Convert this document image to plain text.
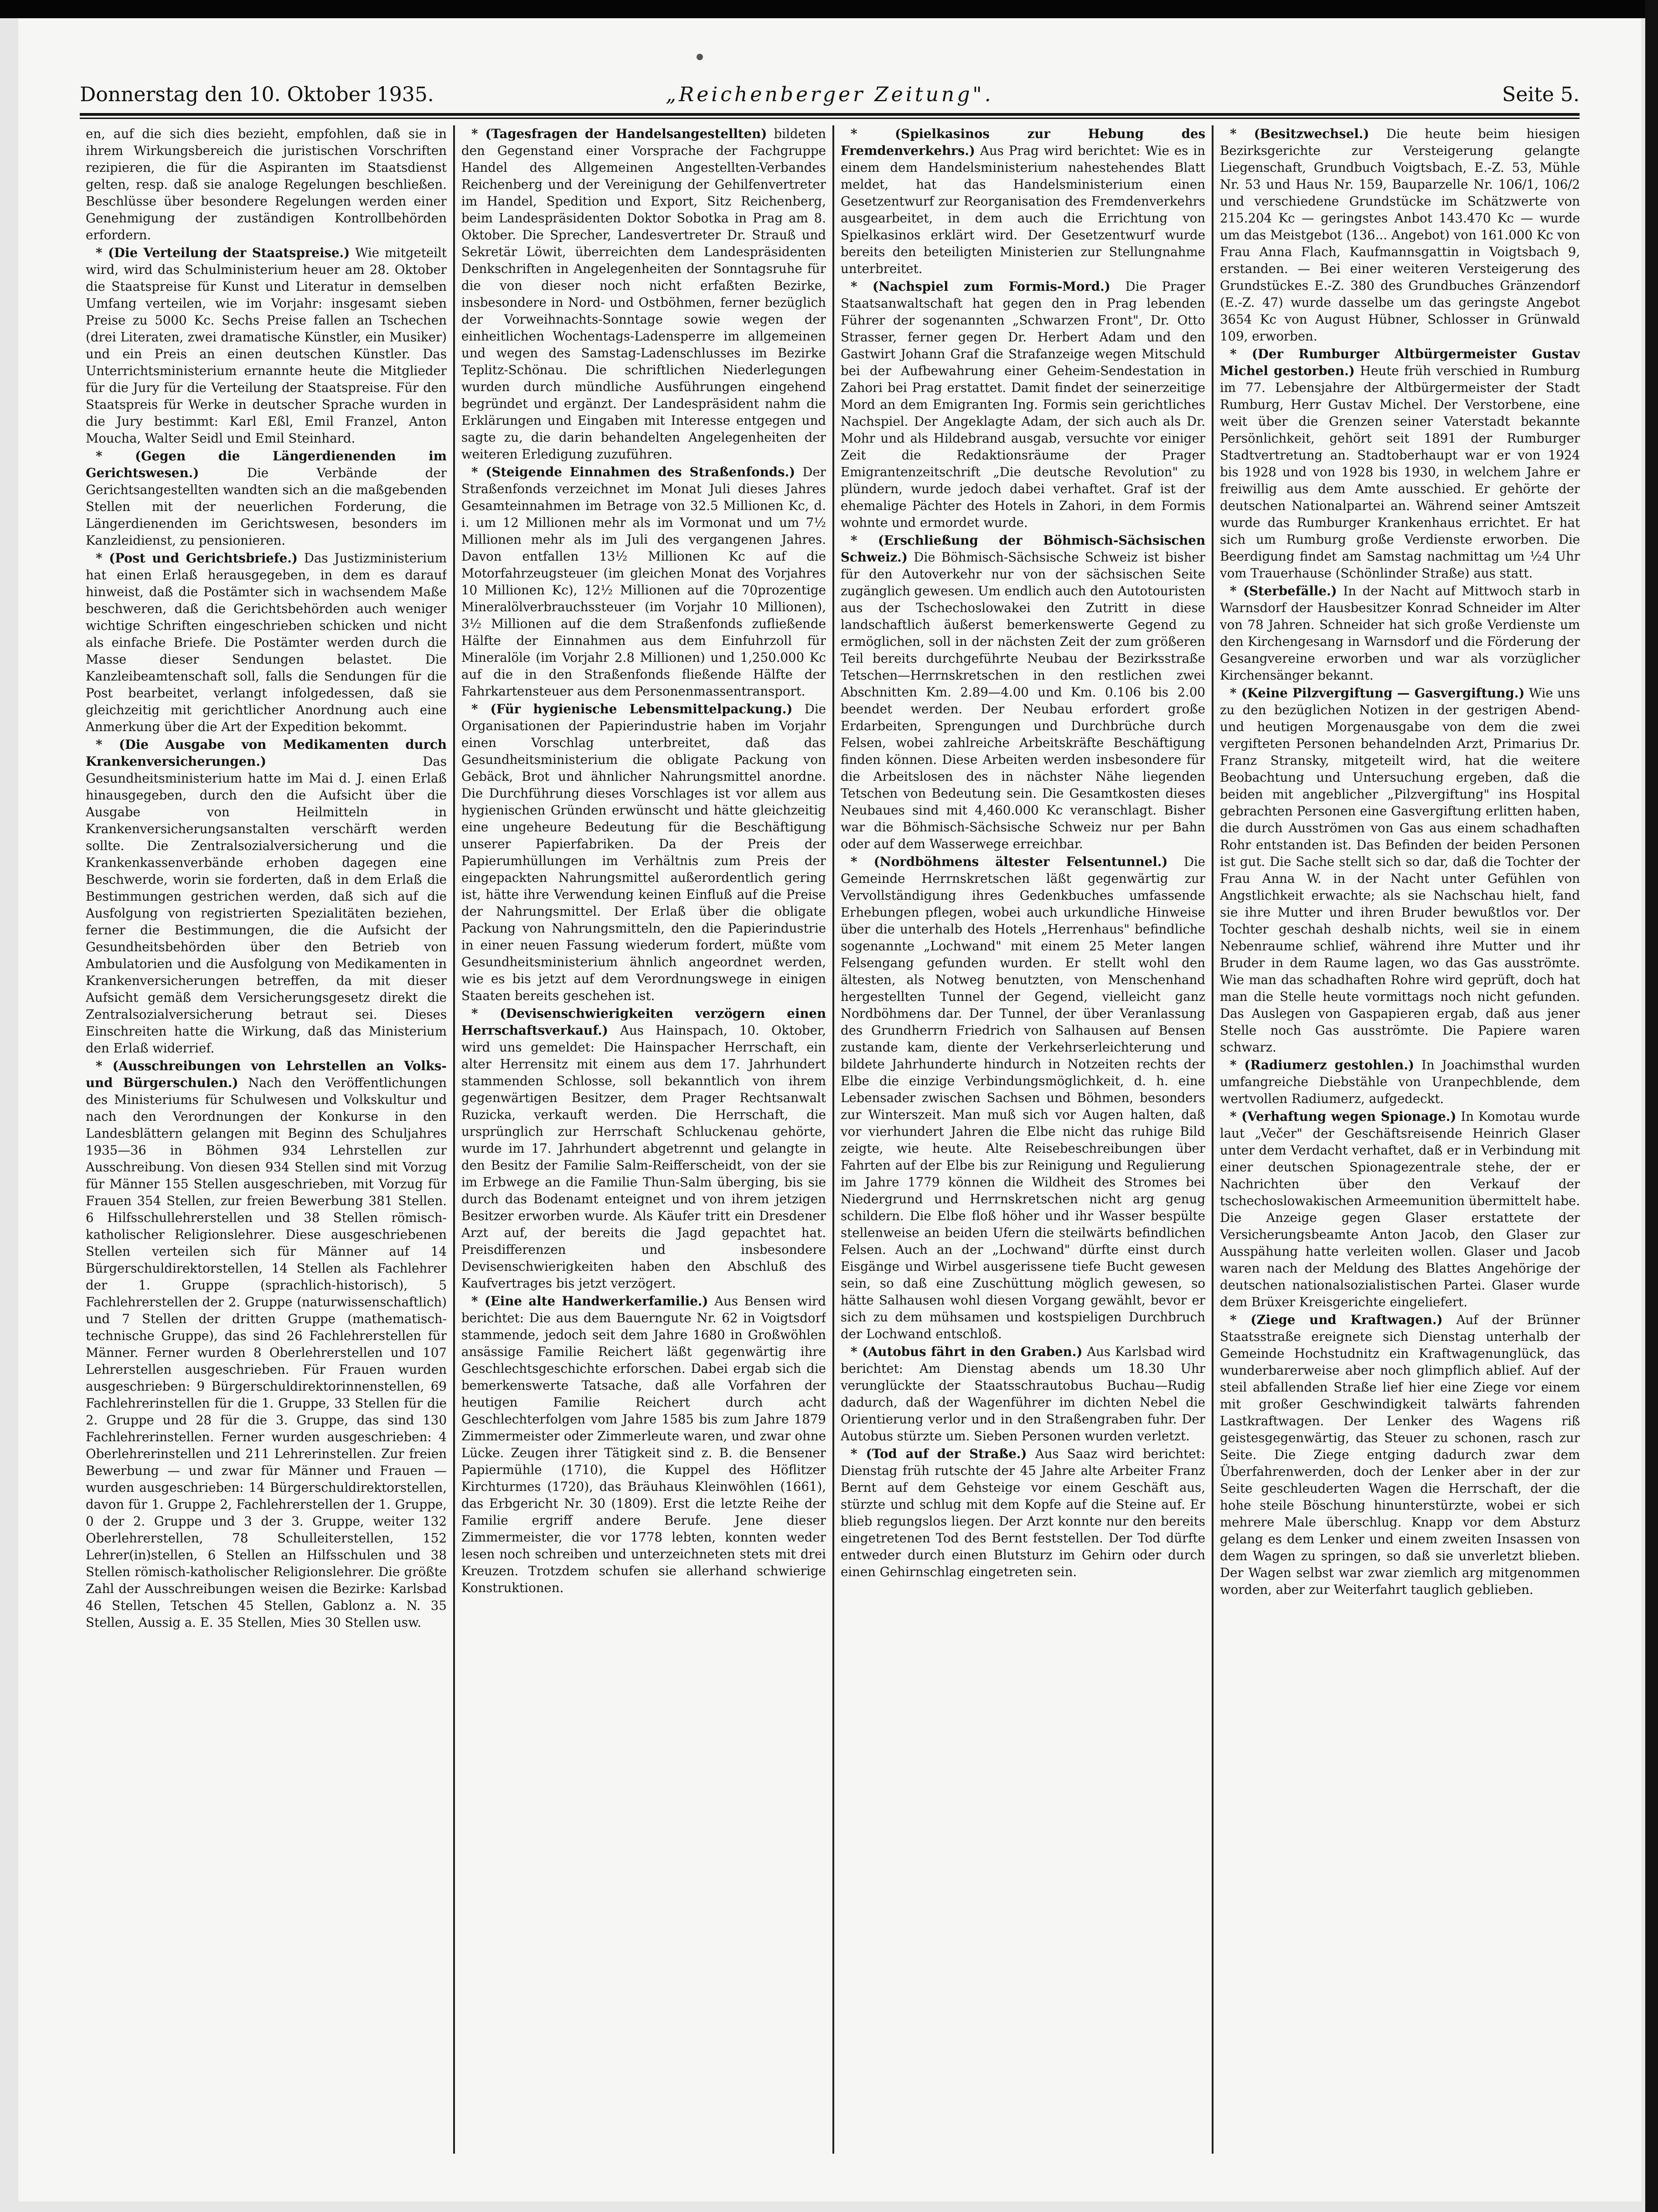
Donnerstag den 10. Oktober 1935.	„Reichenberger Zeitung".	Seite 5.

en, auf die sich dies bezieht, empfohlen, daß sie in ihrem Wirkungsbereich die juristischen Vorschriften rezipieren, die für die Aspiranten im Staatsdienst gelten, resp. daß sie analoge Regelungen beschließen. Beschlüsse über besondere Regelungen werden einer Genehmigung der zuständigen Kontrollbehörden erfordern.

* ( Die Verteilung der Staatspreise. ) Wie mitgeteilt wird, wird das Schulministerium heuer am 28. Oktober die Staatspreise für Kunst und Literatur in demselben Umfang verteilen, wie im Vorjahr: insgesamt sieben Preise zu 5000 Kc. Sechs Preise fallen an Tschechen (drei Literaten, zwei dramatische Künstler, ein Musiker) und ein Preis an einen deutschen Künstler. Das Unterrichtsministerium ernannte heute die Mitglieder für die Jury für die Verteilung der Staatspreise. Für den Staatspreis für Werke in deutscher Sprache wurden in die Jury bestimmt: Karl Eßl, Emil Franzel, Anton Moucha, Walter Seidl und Emil Steinhard.

* ( Gegen die Längerdienenden im Gerichtswesen. )	Die Verbände der Gerichtsangestellten wandten sich an die maßgebenden Stellen mit der neuerlichen Forderung, die Längerdienenden im Gerichtswesen, besonders im Kanzleidienst, zu pensionieren.

* ( Post und Gerichtsbriefe. ) Das Justizministerium hat einen Erlaß herausgegeben, in dem es darauf hinweist, daß die Postämter sich in wachsendem Maße beschweren, daß die Gerichtsbehörden auch weniger wichtige Schriften eingeschrieben schicken und nicht als einfache Briefe. Die Postämter werden durch die Masse dieser Sendungen belastet. Die Kanzleibeamtenschaft soll, falls die Sendungen für die Post bearbeitet, verlangt infolgedessen, daß sie gleichzeitig mit gerichtlicher Anordnung auch eine Anmerkung über die Art der Expedition bekommt.

* ( Die Ausgabe von Medikamenten durch Krankenversicherungen. )	Das Gesundheitsministerium hatte im Mai d. J. einen Erlaß hinausgegeben, durch den die Aufsicht über die Ausgabe von Heilmitteln in Krankenversicherungsanstalten verschärft werden sollte. Die Zentralsozialversicherung und die Krankenkassenverbände erhoben dagegen eine Beschwerde, worin sie forderten, daß in dem Erlaß die Bestimmungen gestrichen werden, daß sich auf die Ausfolgung von registrierten Spezialitäten beziehen, ferner die Bestimmungen, die die Aufsicht der Gesundheitsbehörden über den Betrieb von Ambulatorien und die Ausfolgung von Medikamenten in Krankenversicherungen betreffen, da mit dieser Aufsicht gemäß dem Versicherungsgesetz direkt die Zentralsozialversicherung betraut sei. Dieses Einschreiten hatte die Wirkung, daß das Ministerium den Erlaß widerrief.

* ( Ausschreibungen von Lehrstellen an Volks- und Bürgerschulen. ) Nach den Veröffentlichungen des Ministeriums für Schulwesen und Volkskultur und nach den Verordnungen der Konkurse in den Landesblättern gelangen mit Beginn des Schuljahres 1935—36 in Böhmen 934 Lehrstellen zur Ausschreibung. Von diesen 934 Stellen sind mit Vorzug für Männer 155 Stellen ausgeschrieben, mit Vorzug für Frauen 354 Stellen, zur freien Bewerbung 381 Stellen. 6 Hilfsschullehrerstellen und 38 Stellen römisch-katholischer Religionslehrer. Diese ausgeschriebenen Stellen verteilen sich für Männer auf 14 Bürgerschuldirektorstellen, 14 Stellen als Fachlehrer der 1. Gruppe (sprachlich-historisch), 5 Fachlehrerstellen der 2. Gruppe (naturwissenschaftlich) und 7 Stellen der dritten Gruppe (mathematisch-technische Gruppe), das sind 26 Fachlehrerstellen für Männer. Ferner wurden 8 Oberlehrerstellen und 107 Lehrerstellen ausgeschrieben. Für Frauen wurden ausgeschrieben: 9 Bürgerschuldirektorinnenstellen, 69 Fachlehrerinstellen für die 1. Gruppe, 33 Stellen für die 2. Gruppe und 28 für die 3. Gruppe, das sind 130 Fachlehrerinstellen. Ferner wurden ausgeschrieben: 4 Oberlehrerinstellen und 211 Lehrerinstellen. Zur freien Bewerbung — und zwar für Männer und Frauen — wurden ausgeschrieben: 14 Bürgerschuldirektorstellen, davon für 1. Gruppe 2, Fachlehrerstellen der 1. Gruppe, 0 der 2. Gruppe und 3 der 3. Gruppe, weiter 132 Oberlehrerstellen, 78 Schulleiterstellen, 152 Lehrer(in)stellen, 6 Stellen an Hilfsschulen und 38 Stellen römisch-katholischer Religionslehrer. Die größte Zahl der Ausschreibungen weisen die Bezirke: Karlsbad 46 Stellen, Tetschen 45 Stellen, Gablonz a. N. 35 Stellen, Aussig a. E. 35 Stellen, Mies 30 Stellen usw.

* ( Tagesfragen der Handelsangestellten ) bildeten den Gegenstand einer Vorsprache der Fachgruppe Handel des Allgemeinen Angestellten-Verbandes Reichenberg und der Vereinigung der Gehilfenvertreter im Handel, Spedition und Export, Sitz Reichenberg, beim Landespräsidenten Doktor Sobotka in Prag am 8. Oktober. Die Sprecher, Landesvertreter Dr. Strauß und Sekretär Löwit, überreichten dem Landespräsidenten Denkschriften in Angelegenheiten der Sonntagsruhe für die von dieser noch nicht erfaßten Bezirke, insbesondere in Nord- und Ostböhmen, ferner bezüglich der Vorweihnachts-Sonntage sowie wegen der einheitlichen Wochentags-Ladensperre im allgemeinen und wegen des Samstag-Ladenschlusses im Bezirke Teplitz-Schönau. Die schriftlichen Niederlegungen wurden durch mündliche Ausführungen eingehend begründet und ergänzt. Der Landespräsident nahm die Erklärungen und Eingaben mit Interesse entgegen und sagte zu, die darin behandelten Angelegenheiten der weiteren Erledigung zuzuführen.

* ( Steigende Einnahmen des Straßenfonds. ) Der Straßenfonds verzeichnet im Monat Juli dieses Jahres Gesamteinnahmen im Betrage von 32.5 Millionen Kc, d. i. um 12 Millionen mehr als im Vormonat und um 7½ Millionen mehr als im Juli des vergangenen Jahres. Davon entfallen 13½ Millionen Kc auf die Motorfahrzeugsteuer (im gleichen Monat des Vorjahres 10 Millionen Kc), 12½ Millionen auf die 70prozentige Mineralölverbrauchssteuer (im Vorjahr 10 Millionen), 3½ Millionen auf die dem Straßenfonds zufließende Hälfte der Einnahmen aus dem Einfuhrzoll für Mineralöle (im Vorjahr 2.8 Millionen) und 1,250.000 Kc auf die in den Straßenfonds fließende Hälfte der Fahrkartensteuer aus dem Personenmassentransport.

* ( Für hygienische Lebensmittelpackung. ) Die Organisationen der Papierindustrie haben im Vorjahr einen Vorschlag unterbreitet, daß das Gesundheitsministerium die obligate Packung von Gebäck, Brot und ähnlicher Nahrungsmittel anordne. Die Durchführung dieses Vorschlages ist vor allem aus hygienischen Gründen erwünscht und hätte gleichzeitig eine ungeheure Bedeutung für die Beschäftigung unserer Papierfabriken. Da der Preis der Papierumhüllungen im Verhältnis zum Preis der eingepackten Nahrungsmittel außerordentlich gering ist, hätte ihre Verwendung keinen Einfluß auf die Preise der Nahrungsmittel. Der Erlaß über die obligate Packung von Nahrungsmitteln, den die Papierindustrie in einer neuen Fassung wiederum fordert, müßte vom Gesundheitsministerium ähnlich angeordnet werden, wie es bis jetzt auf dem Verordnungswege in einigen Staaten bereits geschehen ist.

* ( Devisenschwierigkeiten verzögern einen Herrschaftsverkauf. ) Aus Hainspach, 10. Oktober, wird uns gemeldet: Die Hainspacher Herrschaft, ein alter Herrensitz mit einem aus dem 17. Jahrhundert stammenden Schlosse, soll bekanntlich von ihrem gegenwärtigen Besitzer, dem Prager Rechtsanwalt Ruzicka, verkauft werden. Die Herrschaft, die ursprünglich zur Herrschaft Schluckenau gehörte, wurde im 17. Jahrhundert abgetrennt und gelangte in den Besitz der Familie Salm-Reifferscheidt, von der sie im Erbwege an die Familie Thun-Salm überging, bis sie durch das Bodenamt enteignet und von ihrem jetzigen Besitzer erworben wurde. Als Käufer tritt ein Dresdener Arzt auf, der bereits die Jagd gepachtet hat. Preisdifferenzen und insbesondere Devisenschwierigkeiten haben den Abschluß des Kaufvertrages bis jetzt verzögert.

* ( Eine alte Handwerkerfamilie. ) Aus Bensen wird berichtet: Die aus dem Bauerngute Nr. 62 in Voigtsdorf stammende, jedoch seit dem Jahre 1680 in Großwöhlen ansässige Familie Reichert läßt gegenwärtig ihre Geschlechtsgeschichte erforschen. Dabei ergab sich die bemerkenswerte Tatsache, daß alle Vorfahren der heutigen Familie Reichert durch acht Geschlechterfolgen vom Jahre 1585 bis zum Jahre 1879 Zimmermeister oder Zimmerleute waren, und zwar ohne Lücke. Zeugen ihrer Tätigkeit sind z. B. die Bensener Papiermühle (1710), die Kuppel des Höflitzer Kirchturmes (1720), das Bräuhaus Kleinwöhlen (1661), das Erbgericht Nr. 30 (1809). Erst die letzte Reihe der Familie ergriff andere Berufe. Jene dieser Zimmermeister, die vor 1778 lebten, konnten weder lesen noch schreiben und unterzeichneten stets mit drei Kreuzen. Trotzdem schufen sie allerhand schwierige Konstruktionen.

* ( Spielkasinos zur Hebung des Fremdenverkehrs. ) Aus Prag wird berichtet: Wie es in einem dem Handelsministerium nahestehendes Blatt meldet, hat das Handelsministerium einen Gesetzentwurf zur Reorganisation des Fremdenverkehrs ausgearbeitet, in dem auch die Errichtung von Spielkasinos erklärt wird. Der Gesetzentwurf wurde bereits den beteiligten Ministerien zur Stellungnahme unterbreitet.

* ( Nachspiel zum Formis-Mord. ) Die Prager Staatsanwaltschaft hat gegen den in Prag lebenden Führer der sogenannten „Schwarzen Front", Dr. Otto Strasser, ferner gegen Dr. Herbert Adam und den Gastwirt Johann Graf die Strafanzeige wegen Mitschuld bei der Aufbewahrung einer Geheim-Sendestation in Zahori bei Prag erstattet. Damit findet der seinerzeitige Mord an dem Emigranten Ing. Formis sein gerichtliches Nachspiel. Der Angeklagte Adam, der sich auch als Dr. Mohr und als Hildebrand ausgab, versuchte vor einiger Zeit die Redaktionsräume der Prager Emigrantenzeitschrift „Die deutsche Revolution" zu plündern, wurde jedoch dabei verhaftet. Graf ist der ehemalige Pächter des Hotels in Zahori, in dem Formis wohnte und ermordet wurde.

* ( Erschließung der Böhmisch-Sächsischen Schweiz. ) Die Böhmisch-Sächsische Schweiz ist bisher für den Autoverkehr nur von der sächsischen Seite zugänglich gewesen. Um endlich auch den Autotouristen aus der Tschechoslowakei den Zutritt in diese landschaftlich äußerst bemerkenswerte Gegend zu ermöglichen, soll in der nächsten Zeit der zum größeren Teil bereits durchgeführte Neubau der Bezirksstraße Tetschen—Herrnskretschen in den restlichen zwei Abschnitten Km. 2.89—4.00 und Km. 0.106 bis 2.00 beendet werden. Der Neubau erfordert große Erdarbeiten, Sprengungen und Durchbrüche durch Felsen, wobei zahlreiche Arbeitskräfte Beschäftigung finden können. Diese Arbeiten werden insbesondere für die Arbeitslosen des in nächster Nähe liegenden Tetschen von Bedeutung sein. Die Gesamtkosten dieses Neubaues sind mit 4,460.000 Kc veranschlagt. Bisher war die Böhmisch-Sächsische Schweiz nur per Bahn oder auf dem Wasserwege erreichbar.

* ( Nordböhmens ältester Felsentunnel. ) Die Gemeinde Herrnskretschen läßt gegenwärtig zur Vervollständigung ihres Gedenkbuches umfassende Erhebungen pflegen, wobei auch urkundliche Hinweise über die unterhalb des Hotels „Herrenhaus" befindliche sogenannte „Lochwand" mit einem 25 Meter langen Felsengang gefunden wurden. Er stellt wohl den ältesten, als Notweg benutzten, von Menschenhand hergestellten Tunnel der Gegend, vielleicht ganz Nordböhmens dar. Der Tunnel, der über Veranlassung des Grundherrn Friedrich von Salhausen auf Bensen zustande kam, diente der Verkehrserleichterung und bildete Jahrhunderte hindurch in Notzeiten rechts der Elbe die einzige Verbindungsmöglichkeit, d. h. eine Lebensader zwischen Sachsen und Böhmen, besonders zur Winterszeit. Man muß sich vor Augen halten, daß vor vierhundert Jahren die Elbe nicht das ruhige Bild zeigte, wie heute. Alte Reisebeschreibungen über Fahrten auf der Elbe bis zur Reinigung und Regulierung im Jahre 1779 können die Wildheit des Stromes bei Niedergrund und Herrnskretschen nicht arg genug schildern. Die Elbe floß höher und ihr Wasser bespülte stellenweise an beiden Ufern die steilwärts befindlichen Felsen. Auch an der „Lochwand" dürfte einst durch Eisgänge und Wirbel ausgerissene tiefe Bucht gewesen sein, so daß eine Zuschüttung möglich gewesen, so hätte Salhausen wohl diesen Vorgang gewählt, bevor er sich zu dem mühsamen und kostspieligen Durchbruch der Lochwand entschloß.

* ( Autobus fährt in den Graben. ) Aus Karlsbad wird berichtet: Am Dienstag abends um 18.30 Uhr verunglückte der Staatsschrautobus Buchau—Rudig dadurch, daß der Wagenführer im dichten Nebel die Orientierung verlor und in den Straßengraben fuhr. Der Autobus stürzte um. Sieben Personen wurden verletzt.

* ( Tod auf der Straße. ) Aus Saaz wird berichtet: Dienstag früh rutschte der 45 Jahre alte Arbeiter Franz Bernt auf dem Gehsteige vor einem Geschäft aus, stürzte und schlug mit dem Kopfe auf die Steine auf. Er blieb regungslos liegen. Der Arzt konnte nur den bereits eingetretenen Tod des Bernt feststellen. Der Tod dürfte entweder durch einen Blutsturz im Gehirn oder durch einen Gehirnschlag eingetreten sein.

* ( Besitzwechsel. ) Die heute beim hiesigen Bezirksgerichte zur Versteigerung gelangte Liegenschaft, Grundbuch Voigtsbach, E.-Z. 53, Mühle Nr. 53 und Haus Nr. 159, Bauparzelle Nr. 106/1, 106/2 und verschiedene Grundstücke im Schätzwerte von 215.204 Kc — geringstes Anbot 143.470 Kc — wurde um das Meistgebot (136... Angebot) von 161.000 Kc von Frau Anna Flach, Kaufmannsgattin in Voigtsbach 9, erstanden. — Bei einer weiteren Versteigerung des Grundstückes E.-Z. 380 des Grundbuches Gränzendorf (E.-Z. 47) wurde dasselbe um das geringste Angebot 3654 Kc von August Hübner, Schlosser in Grünwald 109, erworben.

* ( Der Rumburger Altbürgermeister Gustav Michel gestorben. ) Heute früh verschied in Rumburg im 77. Lebensjahre der Altbürgermeister der Stadt Rumburg, Herr Gustav Michel. Der Verstorbene, eine weit über die Grenzen seiner Vaterstadt bekannte Persönlichkeit, gehört seit 1891 der Rumburger Stadtvertretung an. Stadtoberhaupt war er von 1924 bis 1928 und von 1928 bis 1930, in welchem Jahre er freiwillig aus dem Amte ausschied. Er gehörte der deutschen Nationalpartei an. Während seiner Amtszeit wurde das Rumburger Krankenhaus errichtet. Er hat sich um Rumburg große Verdienste erworben. Die Beerdigung findet am Samstag nachmittag um ½4 Uhr vom Trauerhause (Schönlinder Straße) aus statt.

* ( Sterbefälle. ) In der Nacht auf Mittwoch starb in Warnsdorf der Hausbesitzer Konrad Schneider im Alter von 78 Jahren. Schneider hat sich große Verdienste um den Kirchengesang in Warnsdorf und die Förderung der Gesangvereine erworben und war als vorzüglicher Kirchensänger bekannt.

* ( Keine Pilzvergiftung — Gasvergiftung. ) Wie uns zu den bezüglichen Notizen in der gestrigen Abend- und heutigen Morgenausgabe von dem die zwei vergifteten Personen behandelnden Arzt, Primarius Dr. Franz Stransky, mitgeteilt wird, hat die weitere Beobachtung und Untersuchung ergeben, daß die beiden mit angeblicher „Pilzvergiftung" ins Hospital gebrachten Personen eine Gasvergiftung erlitten haben, die durch Ausströmen von Gas aus einem schadhaften Rohr entstanden ist. Das Befinden der beiden Personen ist gut. Die Sache stellt sich so dar, daß die Tochter der Frau Anna W. in der Nacht unter Gefühlen von Angstlichkeit erwachte; als sie Nachschau hielt, fand sie ihre Mutter und ihren Bruder bewußtlos vor. Der Tochter geschah deshalb nichts, weil sie in einem Nebenraume schlief, während ihre Mutter und ihr Bruder in dem Raume lagen, wo das Gas ausströmte. Wie man das schadhaften Rohre wird geprüft, doch hat man die Stelle heute vormittags noch nicht gefunden. Das Auslegen von Gaspapieren ergab, daß aus jener Stelle noch Gas ausströmte. Die Papiere waren schwarz.

* ( Radiumerz gestohlen. ) In Joachimsthal wurden umfangreiche Diebstähle von Uranpechblende, dem wertvollen Radiumerz, aufgedeckt.

* ( Verhaftung wegen Spionage. ) In Komotau wurde laut „Večer" der Geschäftsreisende Heinrich Glaser unter dem Verdacht verhaftet, daß er in Verbindung mit einer deutschen Spionagezentrale stehe, der er Nachrichten über den Verkauf der tschechoslowakischen Armeemunition übermittelt habe. Die Anzeige gegen Glaser erstattete der Versicherungsbeamte Anton Jacob, den Glaser zur Ausspähung hatte verleiten wollen. Glaser und Jacob waren nach der Meldung des Blattes Angehörige der deutschen nationalsozialistischen Partei. Glaser wurde dem Brüxer Kreisgerichte eingeliefert.

* ( Ziege und Kraftwagen. ) Auf der Brünner Staatsstraße ereignete sich Dienstag unterhalb der Gemeinde Hochstudnitz ein Kraftwagenunglück, das wunderbarerweise aber noch glimpflich ablief. Auf der steil abfallenden Straße lief hier eine Ziege vor einem mit großer Geschwindigkeit talwärts fahrenden Lastkraftwagen. Der Lenker des Wagens riß geistesgegenwärtig, das Steuer zu schonen, rasch zur Seite. Die Ziege entging dadurch zwar dem Überfahrenwerden, doch der Lenker aber in der zur Seite geschleuderten Wagen die Herrschaft, der die hohe steile Böschung hinunterstürzte, wobei er sich mehrere Male überschlug. Knapp vor dem Absturz gelang es dem Lenker und einem zweiten Insassen von dem Wagen zu springen, so daß sie unverletzt blieben. Der Wagen selbst war zwar ziemlich arg mitgenommen worden, aber zur Weiterfahrt tauglich geblieben.
